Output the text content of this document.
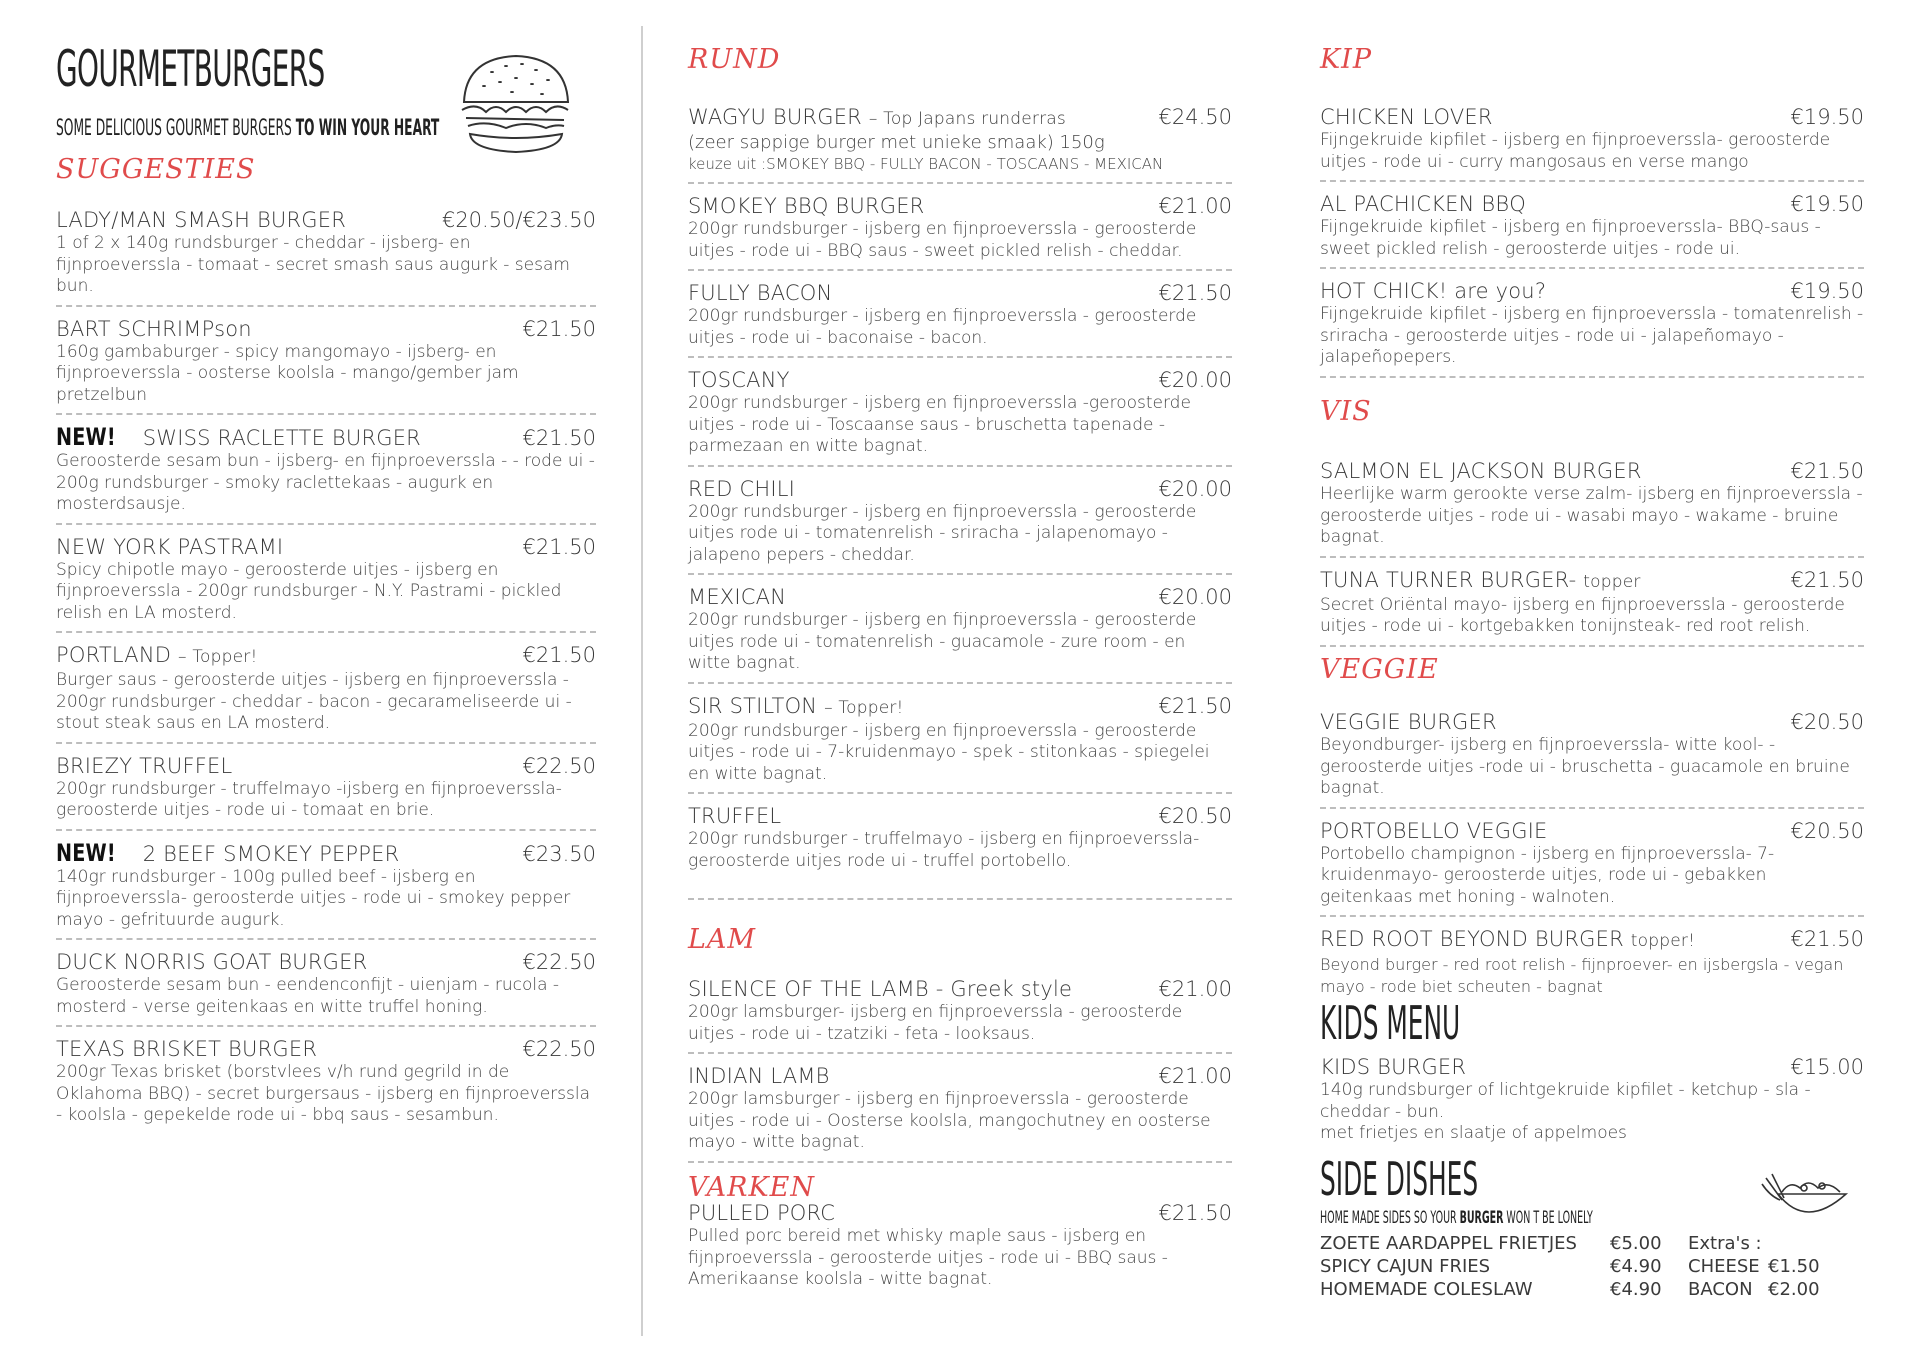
GOURMETBURGERS
SOME DELICIOUS GOURMET BURGERS TO WIN YOUR HEART
SUGGESTIES
LADY/MAN SMASH BURGER	€20.50/€23.50
1 of 2 x 140g rundsburger - cheddar - ijsberg- en fijnproeverssla - tomaat - secret smash saus augurk - sesam bun.
BART SCHRIMPson	€21.50
160g gambaburger - spicy mangomayo - ijsberg- en fijnproeverssla - oosterse koolsla - mango/gember jam pretzelbun
NEW! SWISS RACLETTE BURGER	€21.50
Geroosterde sesam bun - ijsberg- en fijnproeverssla - - rode ui - 200g rundsburger - smoky raclettekaas - augurk en mosterdsausje.
NEW YORK PASTRAMI	€21.50
Spicy chipotle mayo - geroosterde uitjes - ijsberg en fijnproeverssla - 200gr rundsburger - N.Y. Pastrami - pickled relish en LA mosterd.
PORTLAND – Topper!	€21.50
Burger saus - geroosterde uitjes - ijsberg en fijnproeverssla - 200gr rundsburger - cheddar - bacon - gecarameliseerde ui - stout steak saus en LA mosterd.
BRIEZY TRUFFEL	€22.50
200gr rundsburger - truffelmayo -ijsberg en fijnproeverssla- geroosterde uitjes - rode ui - tomaat en brie.
NEW! 2 BEEF SMOKEY PEPPER	€23.50
140gr rundsburger - 100g pulled beef - ijsberg en fijnproeverssla- geroosterde uitjes - rode ui - smokey pepper mayo - gefrituurde augurk.
DUCK NORRIS GOAT BURGER	€22.50
Geroosterde sesam bun - eendenconfijt - uienjam - rucola - mosterd - verse geitenkaas en witte truffel honing.
TEXAS BRISKET BURGER	€22.50
200gr Texas brisket (borstvlees v/h rund gegrild in de Oklahoma BBQ) - secret burgersaus - ijsberg en fijnproeverssla - koolsla - gepekelde rode ui - bbq saus - sesambun.
RUND
WAGYU BURGER – Top Japans runderras	€24.50
(zeer sappige burger met unieke smaak) 150g
keuze uit :SMOKEY BBQ - FULLY BACON - TOSCAANS - MEXICAN
SMOKEY BBQ BURGER	€21.00
200gr rundsburger - ijsberg en fijnproeverssla - geroosterde uitjes - rode ui - BBQ saus - sweet pickled relish - cheddar.
FULLY BACON	€21.50
200gr rundsburger - ijsberg en fijnproeverssla - geroosterde uitjes - rode ui - baconaise - bacon.
TOSCANY	€20.00
200gr rundsburger - ijsberg en fijnproeverssla -geroosterde uitjes - rode ui - Toscaanse saus - bruschetta tapenade - parmezaan en witte bagnat.
RED CHILI	€20.00
200gr rundsburger - ijsberg en fijnproeverssla - geroosterde uitjes rode ui - tomatenrelish - sriracha - jalapenomayo - jalapeno pepers - cheddar.
MEXICAN	€20.00
200gr rundsburger - ijsberg en fijnproeverssla - geroosterde uitjes rode ui - tomatenrelish - guacamole - zure room - en witte bagnat.
SIR STILTON – Topper!	€21.50
200gr rundsburger - ijsberg en fijnproeverssla - geroosterde uitjes - rode ui - 7-kruidenmayo - spek - stitonkaas - spiegelei en witte bagnat.
TRUFFEL	€20.50
200gr rundsburger - truffelmayo - ijsberg en fijnproeverssla- geroosterde uitjes rode ui - truffel portobello.
LAM
SILENCE OF THE LAMB - Greek style	€21.00
200gr lamsburger- ijsberg en fijnproeverssla - geroosterde uitjes - rode ui - tzatziki - feta - looksaus.
INDIAN LAMB	€21.00
200gr lamsburger - ijsberg en fijnproeverssla - geroosterde uitjes - rode ui - Oosterse koolsla, mangochutney en oosterse mayo - witte bagnat.
VARKEN
PULLED PORC	€21.50
Pulled porc bereid met whisky maple saus - ijsberg en fijnproeverssla - geroosterde uitjes - rode ui - BBQ saus - Amerikaanse koolsla - witte bagnat.
KIP
CHICKEN LOVER	€19.50
Fijngekruide kipfilet - ijsberg en fijnproeverssla- geroosterde uitjes - rode ui - curry mangosaus en verse mango
AL PACHICKEN BBQ	€19.50
Fijngekruide kipfilet - ijsberg en fijnproeverssla- BBQ-saus - sweet pickled relish - geroosterde uitjes - rode ui.
HOT CHICK! are you?	€19.50
Fijngekruide kipfilet - ijsberg en fijnproeverssla - tomatenrelish - sriracha - geroosterde uitjes - rode ui - jalapeñomayo - jalapeñopepers.
VIS
SALMON EL JACKSON BURGER	€21.50
Heerlijke warm gerookte verse zalm- ijsberg en fijnproeverssla - geroosterde uitjes - rode ui - wasabi mayo - wakame - bruine bagnat.
TUNA TURNER BURGER- topper	€21.50
Secret Oriëntal mayo- ijsberg en fijnproeverssla - geroosterde uitjes - rode ui - kortgebakken tonijnsteak- red root relish.
VEGGIE
VEGGIE BURGER	€20.50
Beyondburger- ijsberg en fijnproeverssla- witte kool- - geroosterde uitjes -rode ui - bruschetta - guacamole en bruine bagnat.
PORTOBELLO VEGGIE	€20.50
Portobello champignon - ijsberg en fijnproeverssla- 7-kruidenmayo- geroosterde uitjes, rode ui - gebakken geitenkaas met honing - walnoten.
RED ROOT BEYOND BURGER topper!	€21.50
Beyond burger - red root relish - fijnproever- en ijsbergsla - vegan mayo - rode biet scheuten - bagnat
KIDS MENU
KIDS BURGER	€15.00
140g rundsburger of lichtgekruide kipfilet - ketchup - sla - cheddar - bun.
met frietjes en slaatje of appelmoes
SIDE DISHES
HOME MADE SIDES SO YOUR BURGER WON T BE LONELY
ZOETE AARDAPPEL FRIETJES	€5.00	Extra's :
SPICY CAJUN FRIES	€4.90	CHEESE €1.50
HOMEMADE COLESLAW	€4.90	BACON €2.00
